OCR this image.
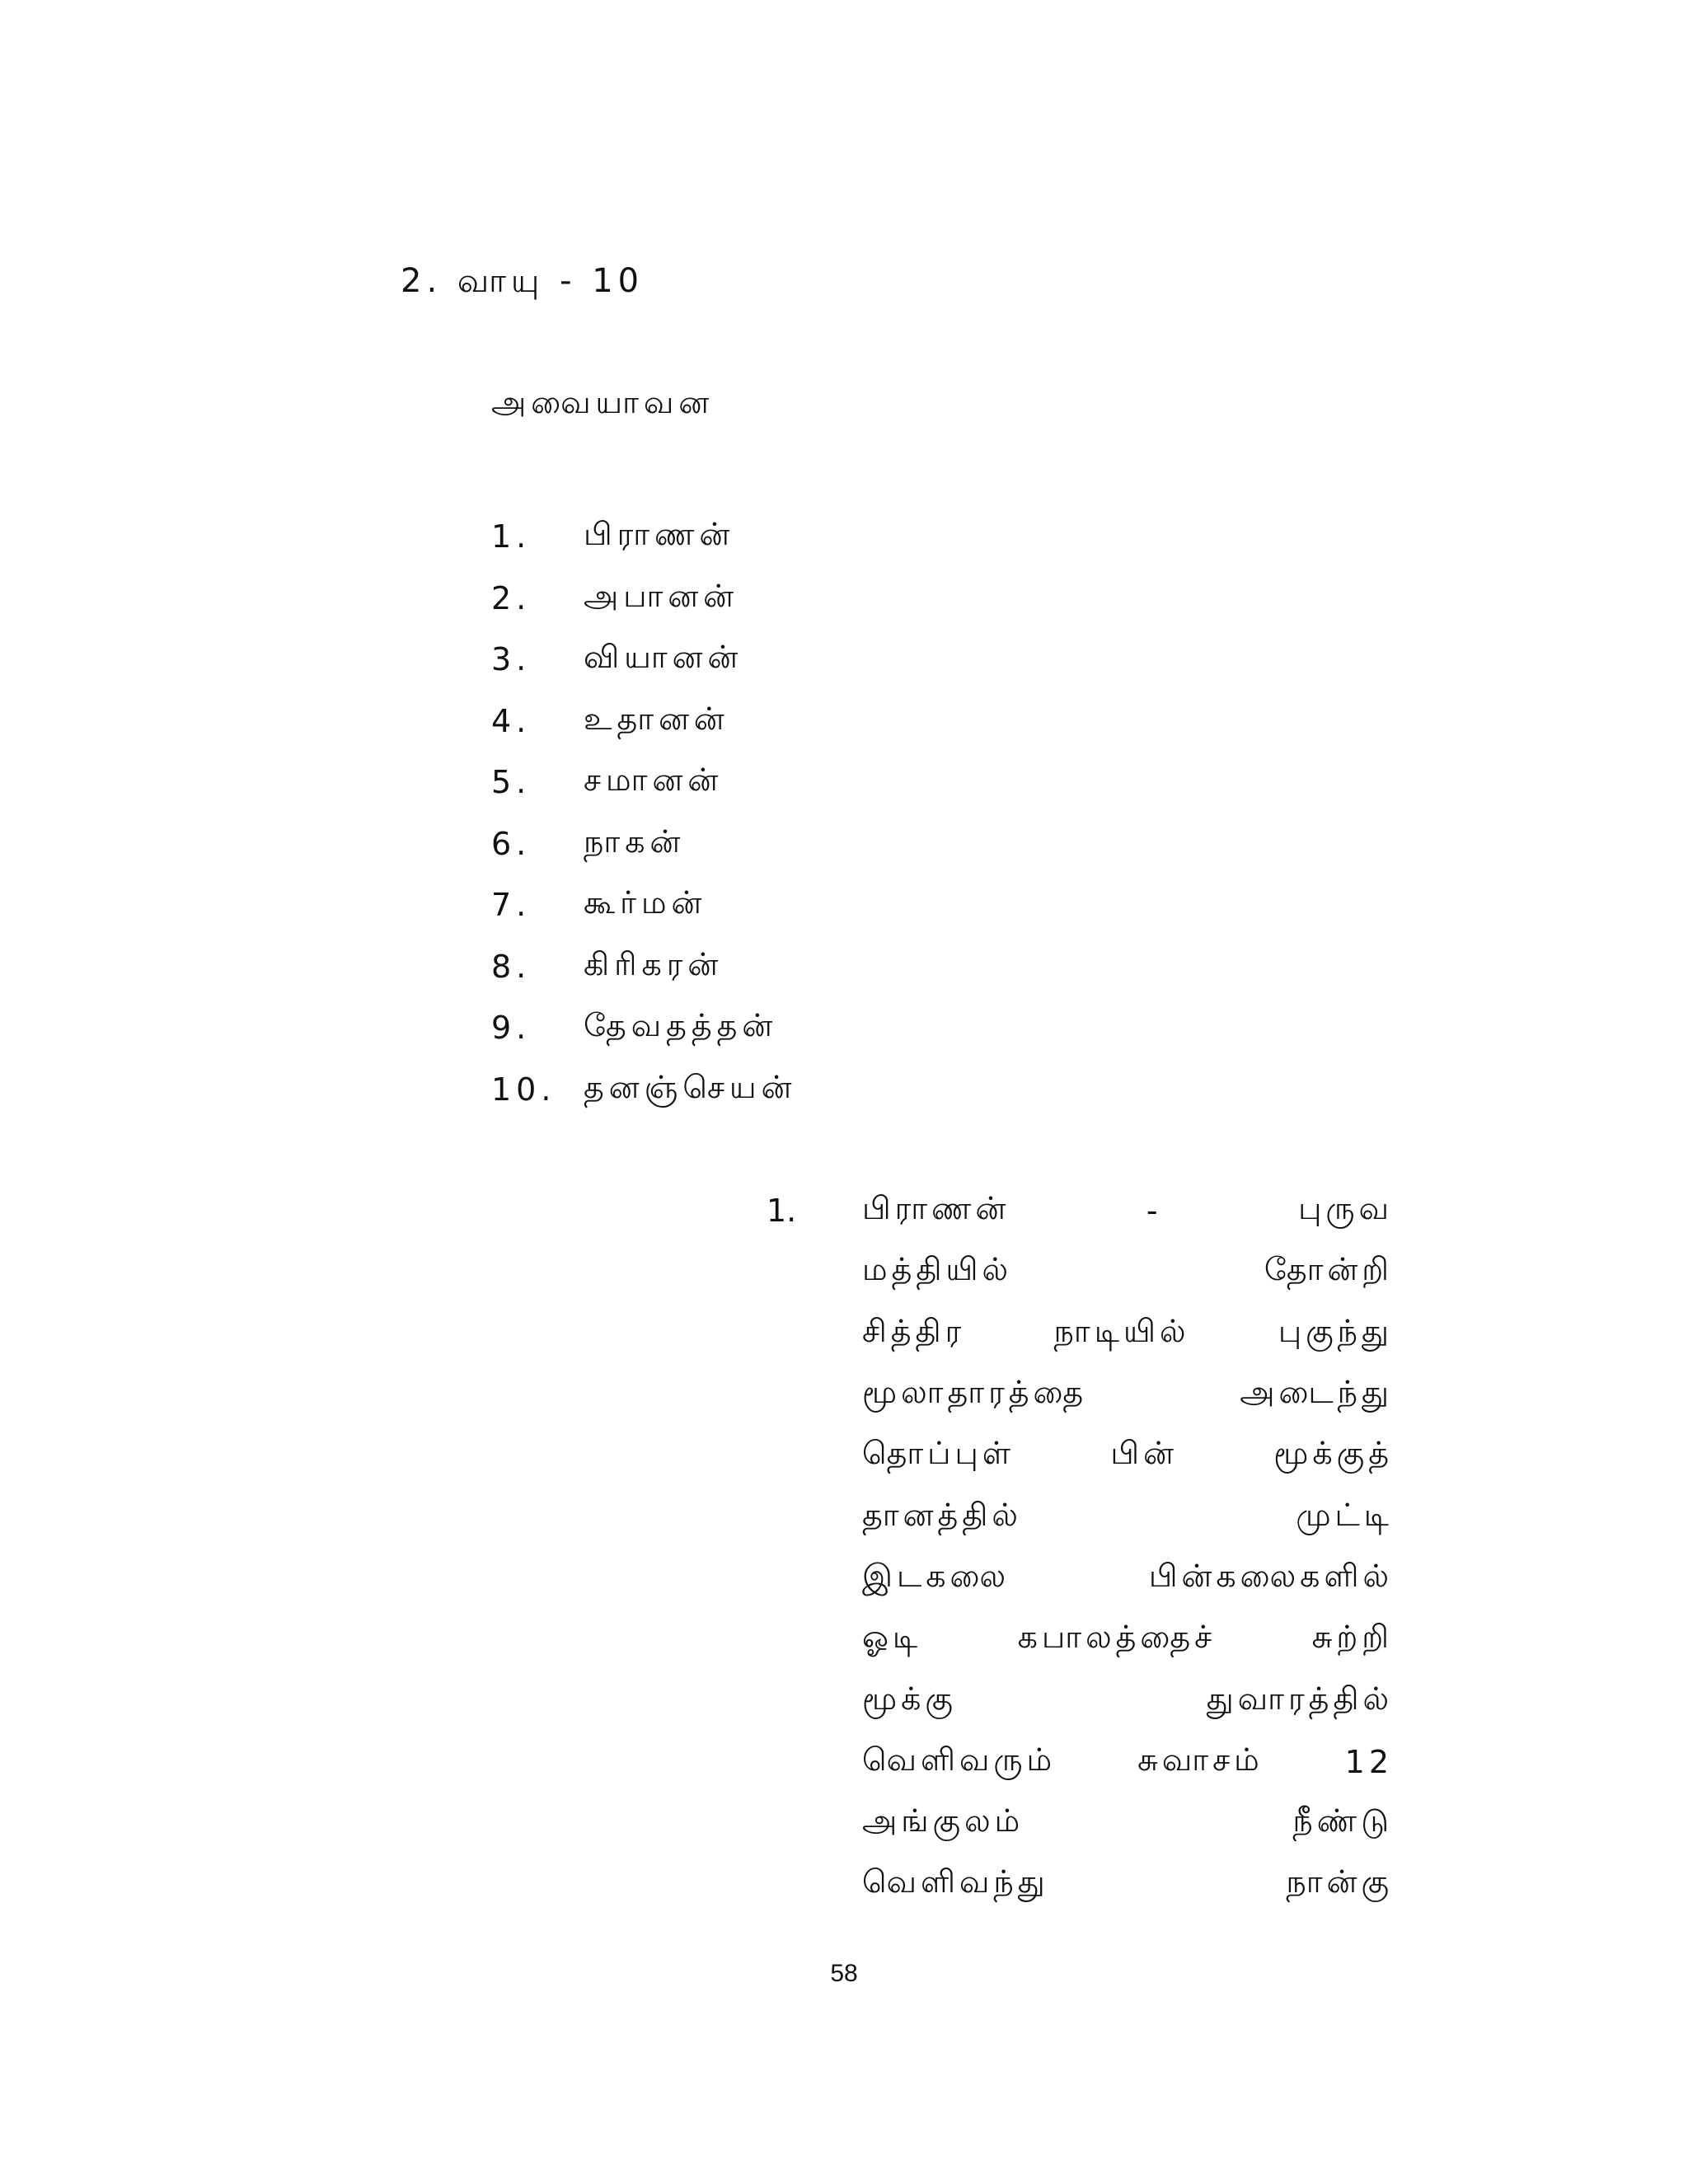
2. வாயு - 10
அவையாவன
1.	பிராணன்
2.	அபானன்
3.	வியானன்
4.	உதானன்
5.	சமானன்
6.	நாகன்
7.	கூர்மன்
8.	கிரிகரன்
9.	தேவதத்தன்
10. தனஞ்செயன்
1. பிராணன்	-	புருவ
மத்தியில்	தோன்றி
சித்திர	நாடியில்	புகுந்து
மூலாதாரத்தை	அடைந்து
தொப்புள்	பின்	மூக்குத்
தானத்தில்	முட்டி
இடகலை	பின்கலைகளில்
ஓடி	கபாலத்தைச்	சுற்றி
மூக்கு	துவாரத்தில்
வெளிவரும்	சுவாசம்	12
அங்குலம்	நீண்டு
வெளிவந்து	நான்கு
58
